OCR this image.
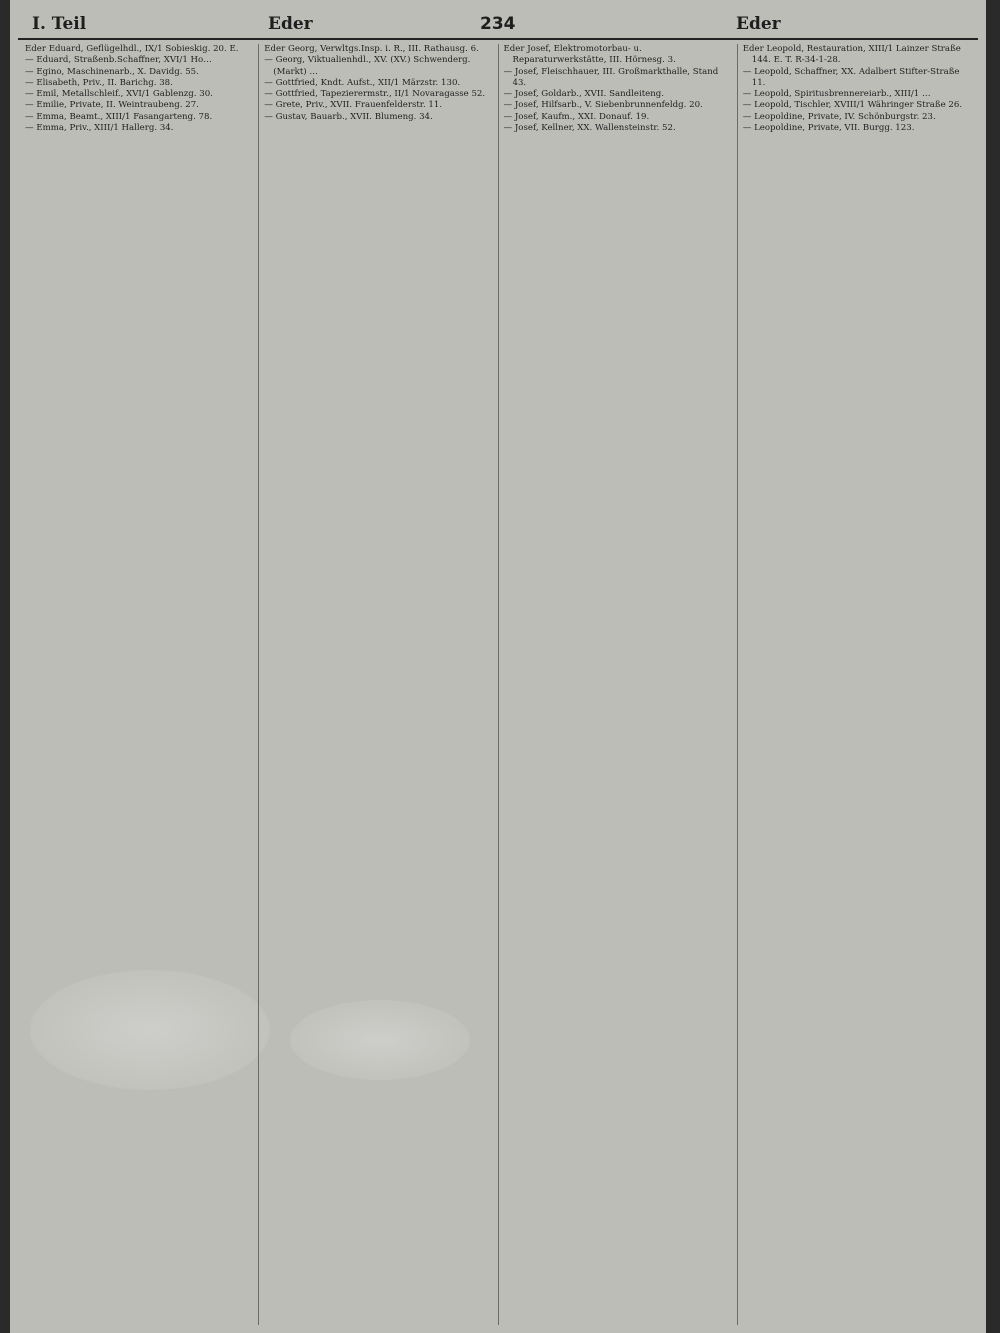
I. Teil	Eder	234	Eder
Eder Eduard, Geflügelhdl., IX/1 Sobieskig. 20. E.
— Eduard, Straßenb.Schaffner, XVI/1 Ho…
— Egino, Maschinenarb., X. Davidg. 55.
— Elisabeth, Priv., II. Barichg. 38.
— Emil, Metallschleif., XVI/1 Gablenzg. 30.
— Emilie, Private, II. Weintraubeng. 27.
— Emma, Beamt., XIII/1 Fasangarteng. 78.
— Emma, Priv., XIII/1 Hallerg. 34.
Eder Georg, Verwltgs.Insp. i. R., III. Rathausg. 6.
— Georg, Viktualienhdl., XV. (XV.) Schwenderg. (Markt) …
— Gottfried, Kndt. Aufst., XII/1 Märzstr. 130.
— Gottfried, Tapezierermstr., II/1 Novaragasse 52.
— Grete, Priv., XVII. Frauenfelderstr. 11.
— Gustav, Bauarb., XVII. Blumeng. 34.
Eder Josef, Elektromotorbau- u. Reparaturwerkstätte, III. Hörnesg. 3.
— Josef, Fleischhauer, III. Großmarkthalle, Stand 43.
— Josef, Goldarb., XVII. Sandleiteng.
— Josef, Hilfsarb., V. Siebenbrunnenfeldg. 20.
— Josef, Kaufm., XXI. Donauf. 19.
— Josef, Kellner, XX. Wallensteinstr. 52.
Eder Leopold, Restauration, XIII/1 Lainzer Straße 144. E. T. R-34-1-28.
— Leopold, Schaffner, XX. Adalbert Stifter-Straße 11.
— Leopold, Spiritusbrennereiarb., XIII/1 …
— Leopold, Tischler, XVIII/1 Währinger Straße 26.
— Leopoldine, Private, IV. Schönburgstr. 23.
— Leopoldine, Private, VII. Burgg. 123.
